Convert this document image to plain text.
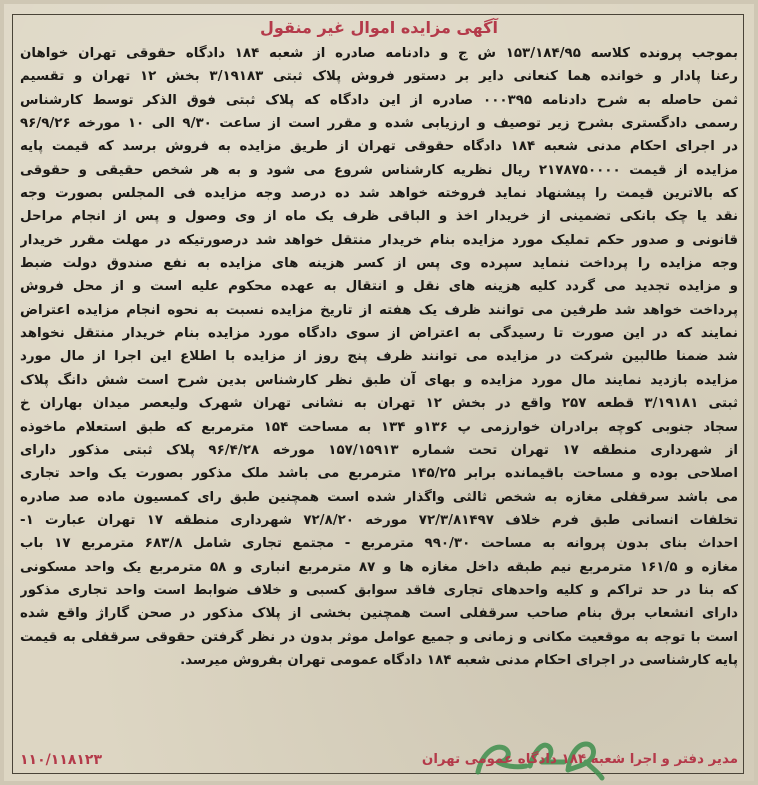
آگهی مزایده اموال غیر منقول
بموجب پرونده کلاسه ۱۵۳/۱۸۴/۹۵ ش ج و دادنامه صادره از شعبه ۱۸۴ دادگاه حقوقی تهران خواهان
رعنا پادار و خوانده هما کنعانی دایر بر دستور فروش پلاک ثبتی ۳/۱۹۱۸۳ بخش ۱۲ تهران و تقسیم
ثمن حاصله به شرح دادنامه ۰۰۰۳۹۵ صادره از این دادگاه که پلاک ثبتی فوق الذکر توسط کارشناس
رسمی دادگستری بشرح زیر توصیف و ارزیابی شده و مقرر است از ساعت ۹/۳۰ الی ۱۰ مورخه ۹۶/۹/۲۶
در اجرای احکام مدنی شعبه ۱۸۴ دادگاه حقوقی تهران از طریق مزایده به فروش برسد که قیمت پایه
مزایده از قیمت ۲۱۷۸۷۵۰۰۰۰ ریال نظریه کارشناس شروع می شود و به هر شخص حقیقی و حقوقی
که بالاترین قیمت را پیشنهاد نماید فروخته خواهد شد ده درصد وجه مزایده فی المجلس بصورت وجه
نقد یا چک بانکی تضمینی از خریدار اخذ و الباقی ظرف یک ماه از وی وصول و پس از انجام مراحل
قانونی و صدور حکم تملیک مورد مزایده بنام خریدار منتقل خواهد شد درصورتیکه در مهلت مقرر خریدار
وجه مزایده را پرداخت ننماید سپرده وی پس از کسر هزینه های مزایده به نفع صندوق دولت ضبط
و مزایده تجدید می گردد کلیه هزینه های نقل و انتقال به عهده محکوم علیه است و از محل فروش
پرداخت خواهد شد طرفین می توانند ظرف یک هفته از تاریخ مزایده نسبت به نحوه انجام مزایده اعتراض
نمایند که در این صورت تا رسیدگی به اعتراض از سوی دادگاه مورد مزایده بنام خریدار منتقل نخواهد
شد ضمنا طالبین شرکت در مزایده می توانند ظرف پنج روز از مزایده با اطلاع این اجرا از مال مورد
مزایده بازدید نمایند مال مورد مزایده و بهای آن طبق نظر کارشناس بدین شرح است شش دانگ پلاک
ثبتی ۳/۱۹۱۸۱ قطعه ۲۵۷ واقع در بخش ۱۲ تهران به نشانی تهران شهرک ولیعصر میدان بهاران خ
سجاد جنوبی کوچه برادران خوارزمی پ ۱۳۶و ۱۳۴ به مساحت ۱۵۴ مترمربع که طبق استعلام ماخوذه
از شهرداری منطقه ۱۷ تهران تحت شماره ۱۵۷/۱۵۹۱۳ مورخه ۹۶/۴/۲۸ پلاک ثبتی مذکور دارای
اصلاحی بوده و مساحت باقیمانده برابر ۱۴۵/۲۵ مترمربع می باشد ملک مذکور بصورت یک واحد تجاری
می باشد سرقفلی مغازه به شخص ثالثی واگذار شده است همچنین طبق رای کمسیون ماده صد صادره
تخلفات انسانی طبق فرم خلاف ۷۲/۳/۸۱۴۹۷ مورخه ۷۲/۸/۲۰ شهرداری منطقه ۱۷ تهران عبارت ۱-
احداث بنای بدون پروانه به مساحت ۹۹۰/۳۰ مترمربع - مجتمع تجاری شامل ۶۸۳/۸ مترمربع ۱۷ باب
مغازه و ۱۶۱/۵ مترمربع نیم طبقه داخل مغازه ها و ۸۷ مترمربع انباری و ۵۸ مترمربع یک واحد مسکونی
که بنا در حد تراکم و کلیه واحدهای تجاری فاقد سوابق کسبی و خلاف ضوابط است واحد تجاری مذکور
دارای انشعاب برق بنام صاحب سرقفلی است همچنین بخشی از پلاک مذکور در صحن گاراژ واقع شده
است با توجه به موقعیت مکانی و زمانی و جمیع عوامل موثر بدون در نظر گرفتن حقوقی سرقفلی به قیمت
پایه کارشناسی در اجرای احکام مدنی شعبه ۱۸۴ دادگاه عمومی تهران بفروش میرسد.
مدیر دفتر و اجرا شعبه ۱۸۴ دادگاه عمومی تهران
۱۱۰/۱۱۸۱۲۳
